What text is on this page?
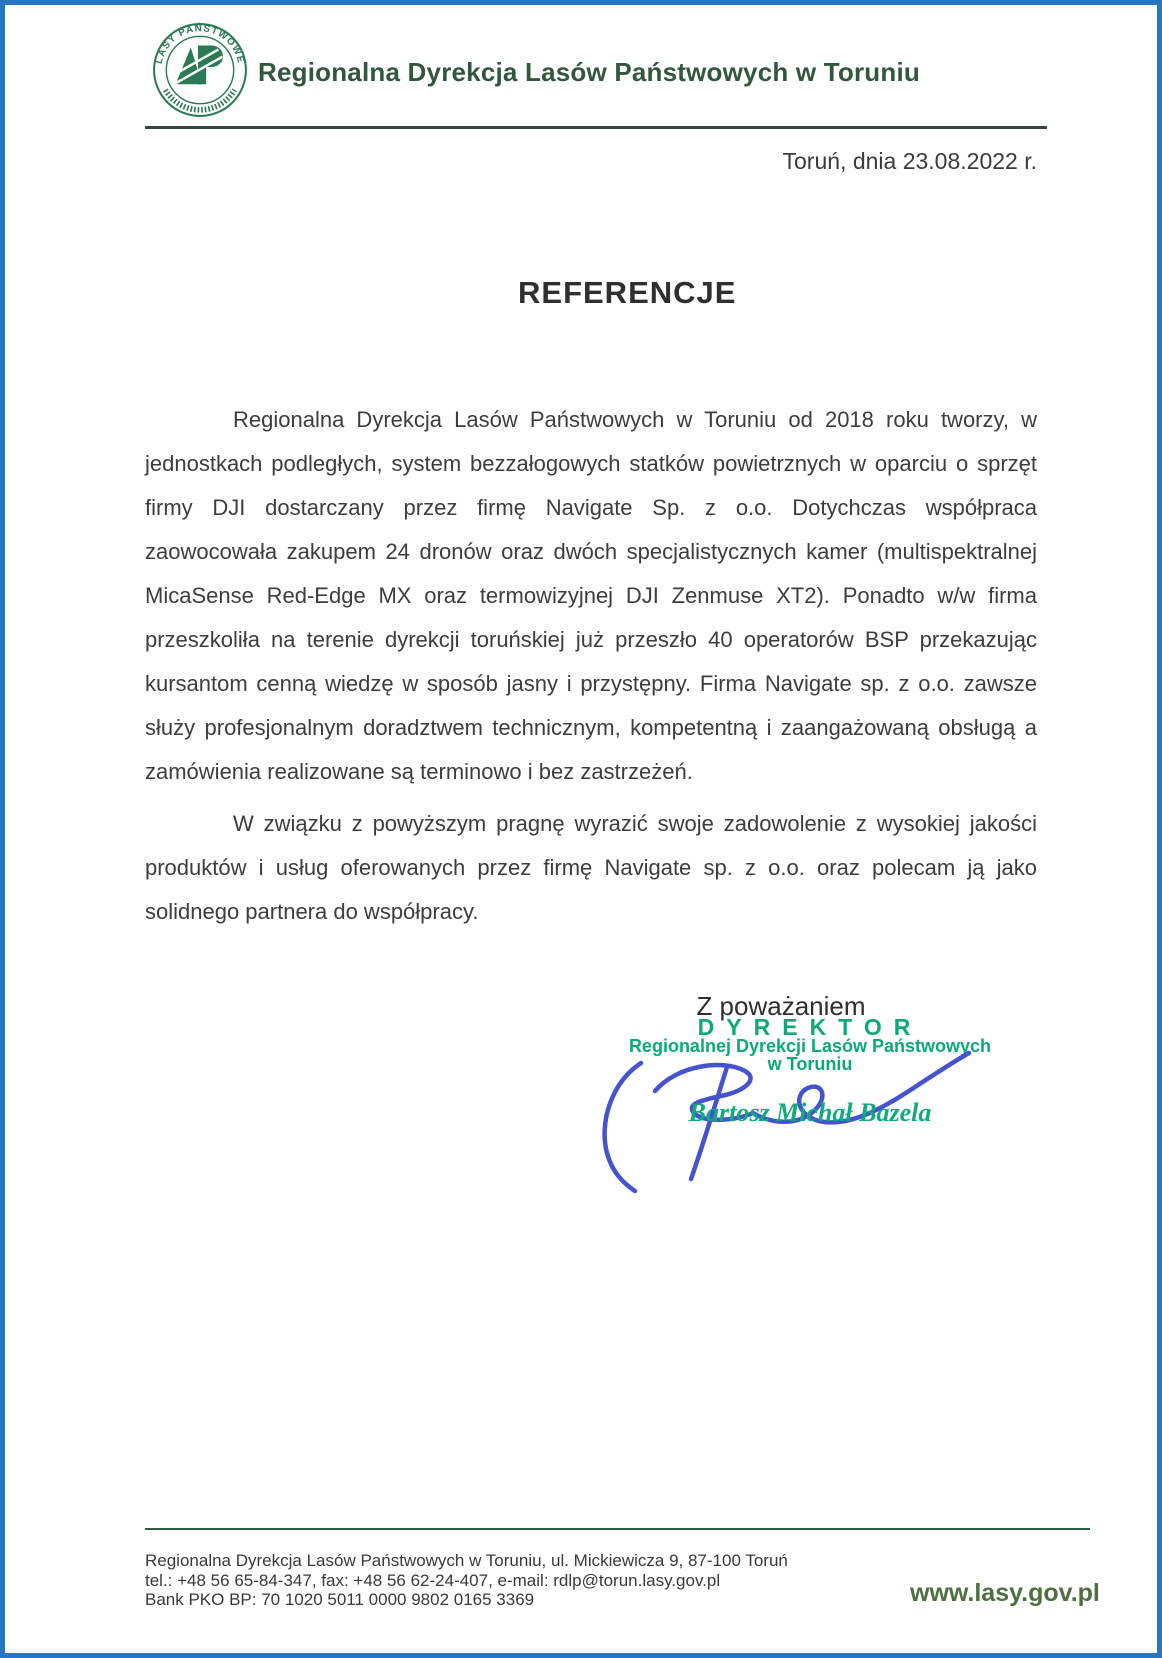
LASY PAŃSTWOWE Regionalna Dyrekcja Lasów Państwowych w Toruniu
Toruń, dnia 23.08.2022 r.
REFERENCJE

Regionalna Dyrekcja Lasów Państwowych w Toruniu od 2018 roku tworzy, w jednostkach podległych, system bezzałogowych statków powietrznych w oparciu o sprzęt firmy DJI dostarczany przez firmę Navigate Sp. z o.o. Dotychczas współpraca zaowocowała zakupem 24 dronów oraz dwóch specjalistycznych kamer (multispektralnej MicaSense Red-Edge MX oraz termowizyjnej DJI Zenmuse XT2). Ponadto w/w firma przeszkoliła na terenie dyrekcji toruńskiej już przeszło 40 operatorów BSP przekazując kursantom cenną wiedzę w sposób jasny i przystępny. Firma Navigate sp. z o.o. zawsze służy profesjonalnym doradztwem technicznym, kompetentną i zaangażowaną obsługą a zamówienia realizowane są terminowo i bez zastrzeżeń.

W związku z powyższym pragnę wyrazić swoje zadowolenie z wysokiej jakości produktów i usług oferowanych przez firmę Navigate sp. z o.o. oraz polecam ją jako solidnego partnera do współpracy.

Z poważaniem
DYREKTOR
Regionalnej Dyrekcji Lasów Państwowych
w Toruniu
Bartosz Michał Bazela
Regionalna Dyrekcja Lasów Państwowych w Toruniu, ul. Mickiewicza 9, 87-100 Toruń
tel.: +48 56 65-84-347, fax: +48 56 62-24-407, e-mail: rdlp@torun.lasy.gov.pl
Bank PKO BP: 70 1020 5011 0000 9802 0165 3369	www.lasy.gov.pl
